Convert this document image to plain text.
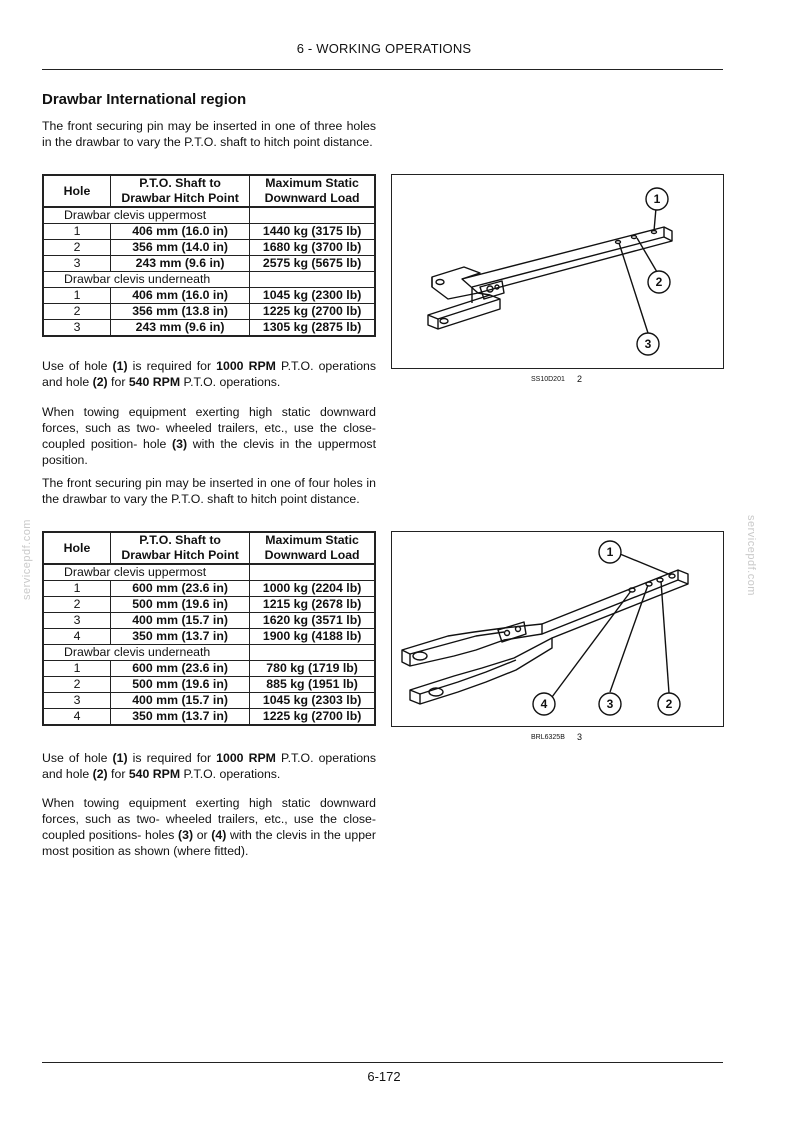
6 - WORKING OPERATIONS
6-172
servicepdf.com	servicepdf.com
Drawbar International region
The front securing pin may be inserted in one of three holes in the drawbar to vary the P.T.O. shaft to hitch point distance.
Hole	P.T.O. Shaft to Drawbar Hitch Point	Maximum Static Downward Load
Drawbar clevis uppermost		
1	406 mm (16.0 in)	1440 kg (3175 lb)
2	356 mm (14.0 in)	1680 kg (3700 lb)
3	243 mm (9.6 in)	2575 kg (5675 lb)
Drawbar clevis underneath		
1	406 mm (16.0 in)	1045 kg (2300 lb)
2	356 mm (13.8 in)	1225 kg (2700 lb)
3	243 mm (9.6 in)	1305 kg (2875 lb)
Use of hole (1) is required for 1000 RPM P.T.O. operations and hole (2) for 540 RPM P.T.O. operations.
When towing equipment exerting high static downward forces, such as two- wheeled trailers, etc., use the close-coupled position- hole (3) with the clevis in the uppermost position.
1
2
3
SS10D201 2
The front securing pin may be inserted in one of four holes in the drawbar to vary the P.T.O. shaft to hitch point distance.
Hole	P.T.O. Shaft to Drawbar Hitch Point	Maximum Static Downward Load
Drawbar clevis uppermost		
1	600 mm (23.6 in)	1000 kg (2204 lb)
2	500 mm (19.6 in)	1215 kg (2678 lb)
3	400 mm (15.7 in)	1620 kg (3571 lb)
4	350 mm (13.7 in)	1900 kg (4188 lb)
Drawbar clevis underneath		
1	600 mm (23.6 in)	780 kg (1719 lb)
2	500 mm (19.6 in)	885 kg (1951 lb)
3	400 mm (15.7 in)	1045 kg (2303 lb)
4	350 mm (13.7 in)	1225 kg (2700 lb)
Use of hole (1) is required for 1000 RPM P.T.O. operations and hole (2) for 540 RPM P.T.O. operations.
When towing equipment exerting high static downward forces, such as two- wheeled trailers, etc., use the close-coupled positions- holes (3) or (4) with the clevis in the upper most position as shown (where fitted).
1
2
3
4
BRL6325B 3
